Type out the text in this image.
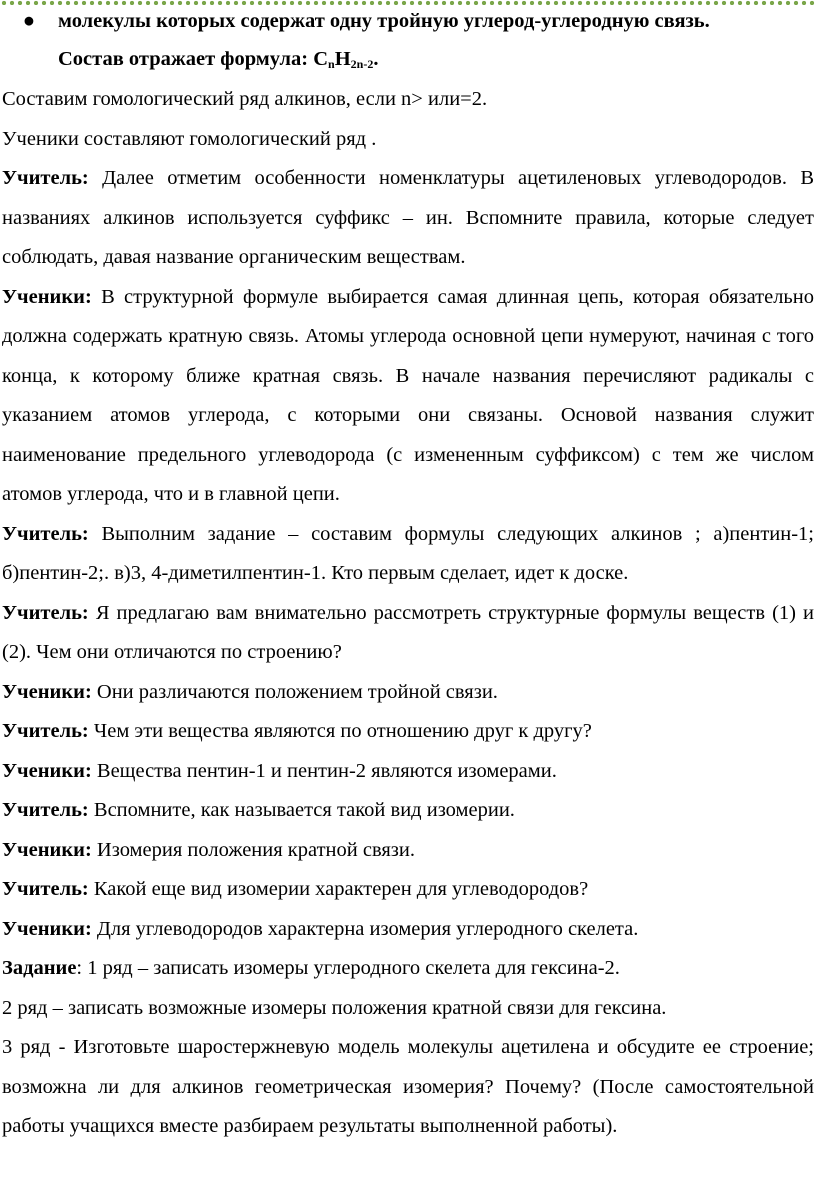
● молекулы которых содержат одну тройную углерод-углеродную связь.
Состав отражает формула: $C_nH_{2n-2}$.

Составим гомологический ряд алкинов, если n> или=2.

Ученики составляют гомологический ряд .

Учитель: Далее отметим особенности номенклатуры ацетиленовых углеводородов. В названиях алкинов используется суффикс – ин. Вспомните правила, которые следует соблюдать, давая название органическим веществам.

Ученики: В структурной формуле выбирается самая длинная цепь, которая обязательно должна содержать кратную связь. Атомы углерода основной цепи нумеруют, начиная с того конца, к которому ближе кратная связь. В начале названия перечисляют радикалы с указанием атомов углерода, с которыми они связаны. Основой названия служит наименование предельного углеводорода (с измененным суффиксом) с тем же числом атомов углерода, что и в главной цепи.

Учитель: Выполним задание – составим формулы следующих алкинов ; а)пентин-1; б)пентин-2;. в)3, 4-диметилпентин-1. Кто первым сделает, идет к доске.

Учитель: Я предлагаю вам внимательно рассмотреть структурные формулы веществ (1) и (2). Чем они отличаются по строению?

Ученики: Они различаются положением тройной связи.

Учитель: Чем эти вещества являются по отношению друг к другу?

Ученики: Вещества пентин-1 и пентин-2 являются изомерами.

Учитель: Вспомните, как называется такой вид изомерии.

Ученики: Изомерия положения кратной связи.

Учитель: Какой еще вид изомерии характерен для углеводородов?

Ученики: Для углеводородов характерна изомерия углеродного скелета.

Задание: 1 ряд – записать изомеры углеродного скелета для гексина-2.

2 ряд – записать возможные изомеры положения кратной связи для гексина.

3 ряд - Изготовьте шаростержневую модель молекулы ацетилена и обсудите ее строение; возможна ли для алкинов геометрическая изомерия? Почему? (После самостоятельной работы учащихся вместе разбираем результаты выполненной работы).
